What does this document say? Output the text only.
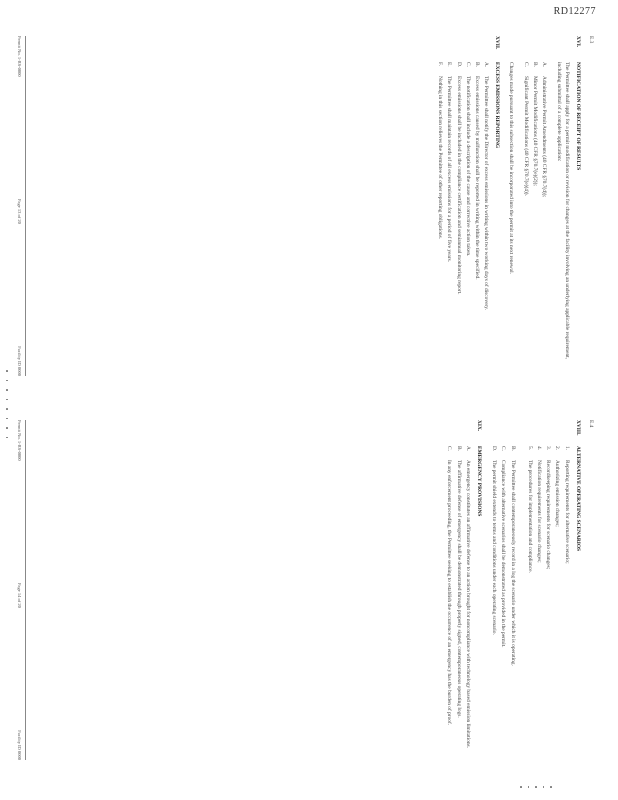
RD12277
E.3
XVI.
NOTIFICATION OF RECEIPT OF RESULTS
The Permittee shall apply for a permit modification or revision for changes at the facility involving an underlying applicable requirement, including submittal of a complete application:
A.
Administrative Permit Amendments (40 CFR §70.7(d));
B.
Minor Permit Modifications (40 CFR §70.7(e)(2));
C.
Significant Permit Modifications (40 CFR §70.7(e)(4)).
Changes made pursuant to this subsection shall be incorporated into the permit at its next renewal.
XVII.
EXCESS EMISSIONS REPORTING
A.
The Permittee shall notify the Director of excess emissions in writing within two working days of discovery.
B.
Excess emissions caused by malfunction shall be reported in writing within the time specified.
C.
The notification shall include a description of the cause and corrective action taken.
D.
Excess emissions shall be included in the compliance certification and semiannual monitoring report.
E.
The Permittee shall maintain records of all excess emissions for a period of five years.
F.
Nothing in this section relieves the Permittee of other reporting obligations.
Permit No. 1-RS-0000
Page 13 of 20
Facility ID 0000
E.4
XVIII.
ALTERNATIVE OPERATING SCENARIOS
1.
Reporting requirements for alternative scenario;
2.
Authorizing emission changes;
3.
Recordkeeping requirements for scenario changes;
4.
Notification requirements for scenario changes;
5.
The procedures for implementation and compliance.
B.
The Permittee shall contemporaneously record in a log the scenario under which it is operating.
C.
Compliance with alternative scenarios shall be demonstrated as provided in the permit.
D.
The permit shield extends to terms and conditions under each operating scenario.
XIX.
EMERGENCY PROVISIONS
A.
An emergency constitutes an affirmative defense to an action brought for noncompliance with technology based emission limitations.
B.
The affirmative defense of emergency shall be demonstrated through properly signed, contemporaneous operating logs.
C.
In any enforcement proceeding, the Permittee seeking to establish the occurrence of an emergency has the burden of proof.
Permit No. 1-RS-0000
Page 14 of 20
Facility ID 0000
